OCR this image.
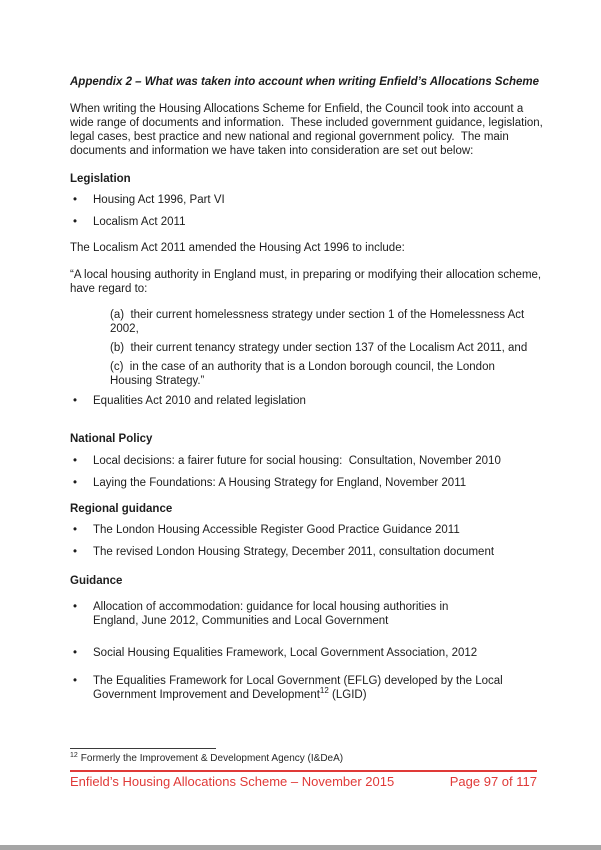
Appendix 2 – What was taken into account when writing Enfield’s Allocations Scheme

When writing the Housing Allocations Scheme for Enfield, the Council took into account a wide range of documents and information.  These included government guidance, legislation, legal cases, best practice and new national and regional government policy.  The main documents and information we have taken into consideration are set out below:

Legislation
• Housing Act 1996, Part VI
• Localism Act 2011

The Localism Act 2011 amended the Housing Act 1996 to include:

“A local housing authority in England must, in preparing or modifying their allocation scheme, have regard to:

(a)  their current homelessness strategy under section 1 of the Homelessness Act 2002,

(b)  their current tenancy strategy under section 137 of the Localism Act 2011, and

(c)  in the case of an authority that is a London borough council, the London Housing Strategy.”

• Equalities Act 2010 and related legislation
National Policy
• Local decisions: a fairer future for social housing:  Consultation, November 2010
• Laying the Foundations: A Housing Strategy for England, November 2011
Regional guidance
• The London Housing Accessible Register Good Practice Guidance 2011
• The revised London Housing Strategy, December 2011, consultation document
Guidance
• Allocation of accommodation: guidance for local housing authorities in England, June 2012, Communities and Local Government
• Social Housing Equalities Framework, Local Government Association, 2012
• The Equalities Framework for Local Government (EFLG) developed by the Local Government Improvement and Development$^{12}$ (LGID)
$^{12}$ Formerly the Improvement & Development Agency (I&DeA)
Enfield’s Housing Allocations Scheme – November 2015	Page 97 of 117
